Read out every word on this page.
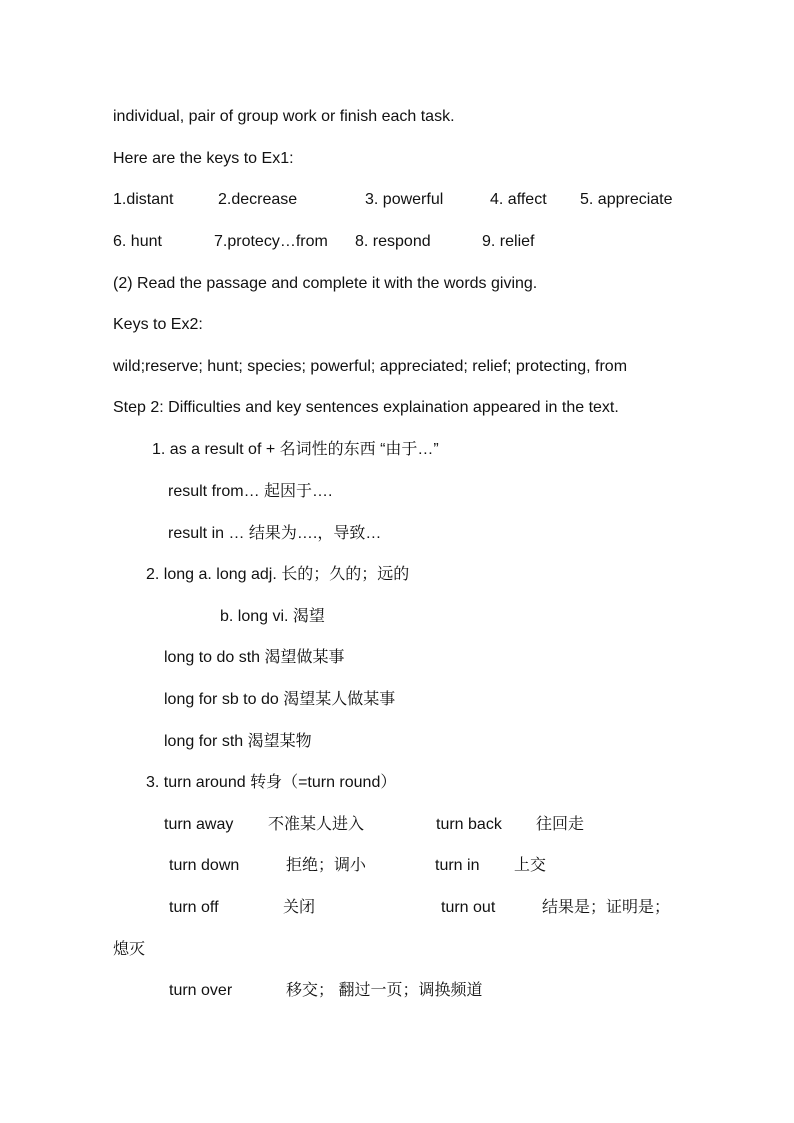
individual, pair of group work or finish each task.
Here are the keys to Ex1:
1.distant	2.decrease	3. powerful	4. affect 5. appreciate
6. hunt	7.protecy…from 8. respond	9. relief
(2) Read the passage and complete it with the words giving.
Keys to Ex2:
wild;reserve; hunt; species; powerful; appreciated; relief; protecting, from
Step 2: Difficulties and key sentences explaination appeared in the text.
1. as a result of + 名词性的东西 “由于…”
result from… 起因于….
result in … 结果为….，导致…
2. long a. long adj. 长的；久的；远的
b. long vi. 渴望
long to do sth 渴望做某事
long for sb to do 渴望某人做某事
long for sth 渴望某物
3. turn around 转身（=turn round）
turn away 不准某人进入	turn back 往回走
turn down	拒绝；调小	turn in 上交
turn off	关闭	turn out	结果是；证明是；
熄灭
turn over	移交； 翻过一页；调换频道
